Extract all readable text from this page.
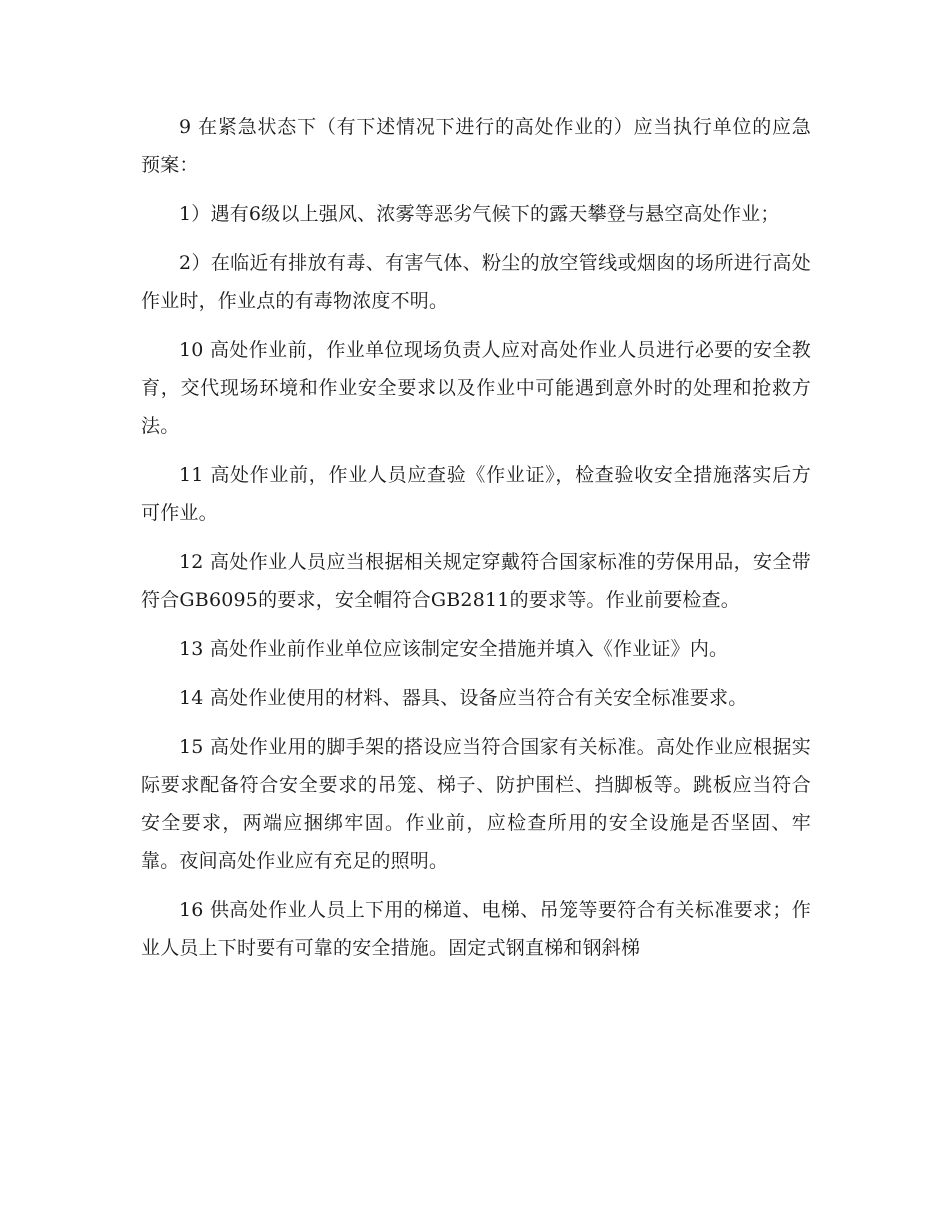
9 在紧急状态下（有下述情况下进行的高处作业的）应当执行单位的应急预案：

1）遇有6级以上强风、浓雾等恶劣气候下的露天攀登与悬空高处作业；

2）在临近有排放有毒、有害气体、粉尘的放空管线或烟囱的场所进行高处作业时，作业点的有毒物浓度不明。

10 高处作业前，作业单位现场负责人应对高处作业人员进行必要的安全教育，交代现场环境和作业安全要求以及作业中可能遇到意外时的处理和抢救方法。

11 高处作业前，作业人员应查验《作业证》，检查验收安全措施落实后方可作业。

12 高处作业人员应当根据相关规定穿戴符合国家标准的劳保用品，安全带符合GB6095的要求，安全帽符合GB2811的要求等。作业前要检查。

13 高处作业前作业单位应该制定安全措施并填入《作业证》内。

14 高处作业使用的材料、器具、设备应当符合有关安全标准要求。

15 高处作业用的脚手架的搭设应当符合国家有关标准。高处作业应根据实际要求配备符合安全要求的吊笼、梯子、防护围栏、挡脚板等。跳板应当符合安全要求，两端应捆绑牢固。作业前，应检查所用的安全设施是否坚固、牢靠。夜间高处作业应有充足的照明。

16 供高处作业人员上下用的梯道、电梯、吊笼等要符合有关标准要求；作业人员上下时要有可靠的安全措施。固定式钢直梯和钢斜梯
